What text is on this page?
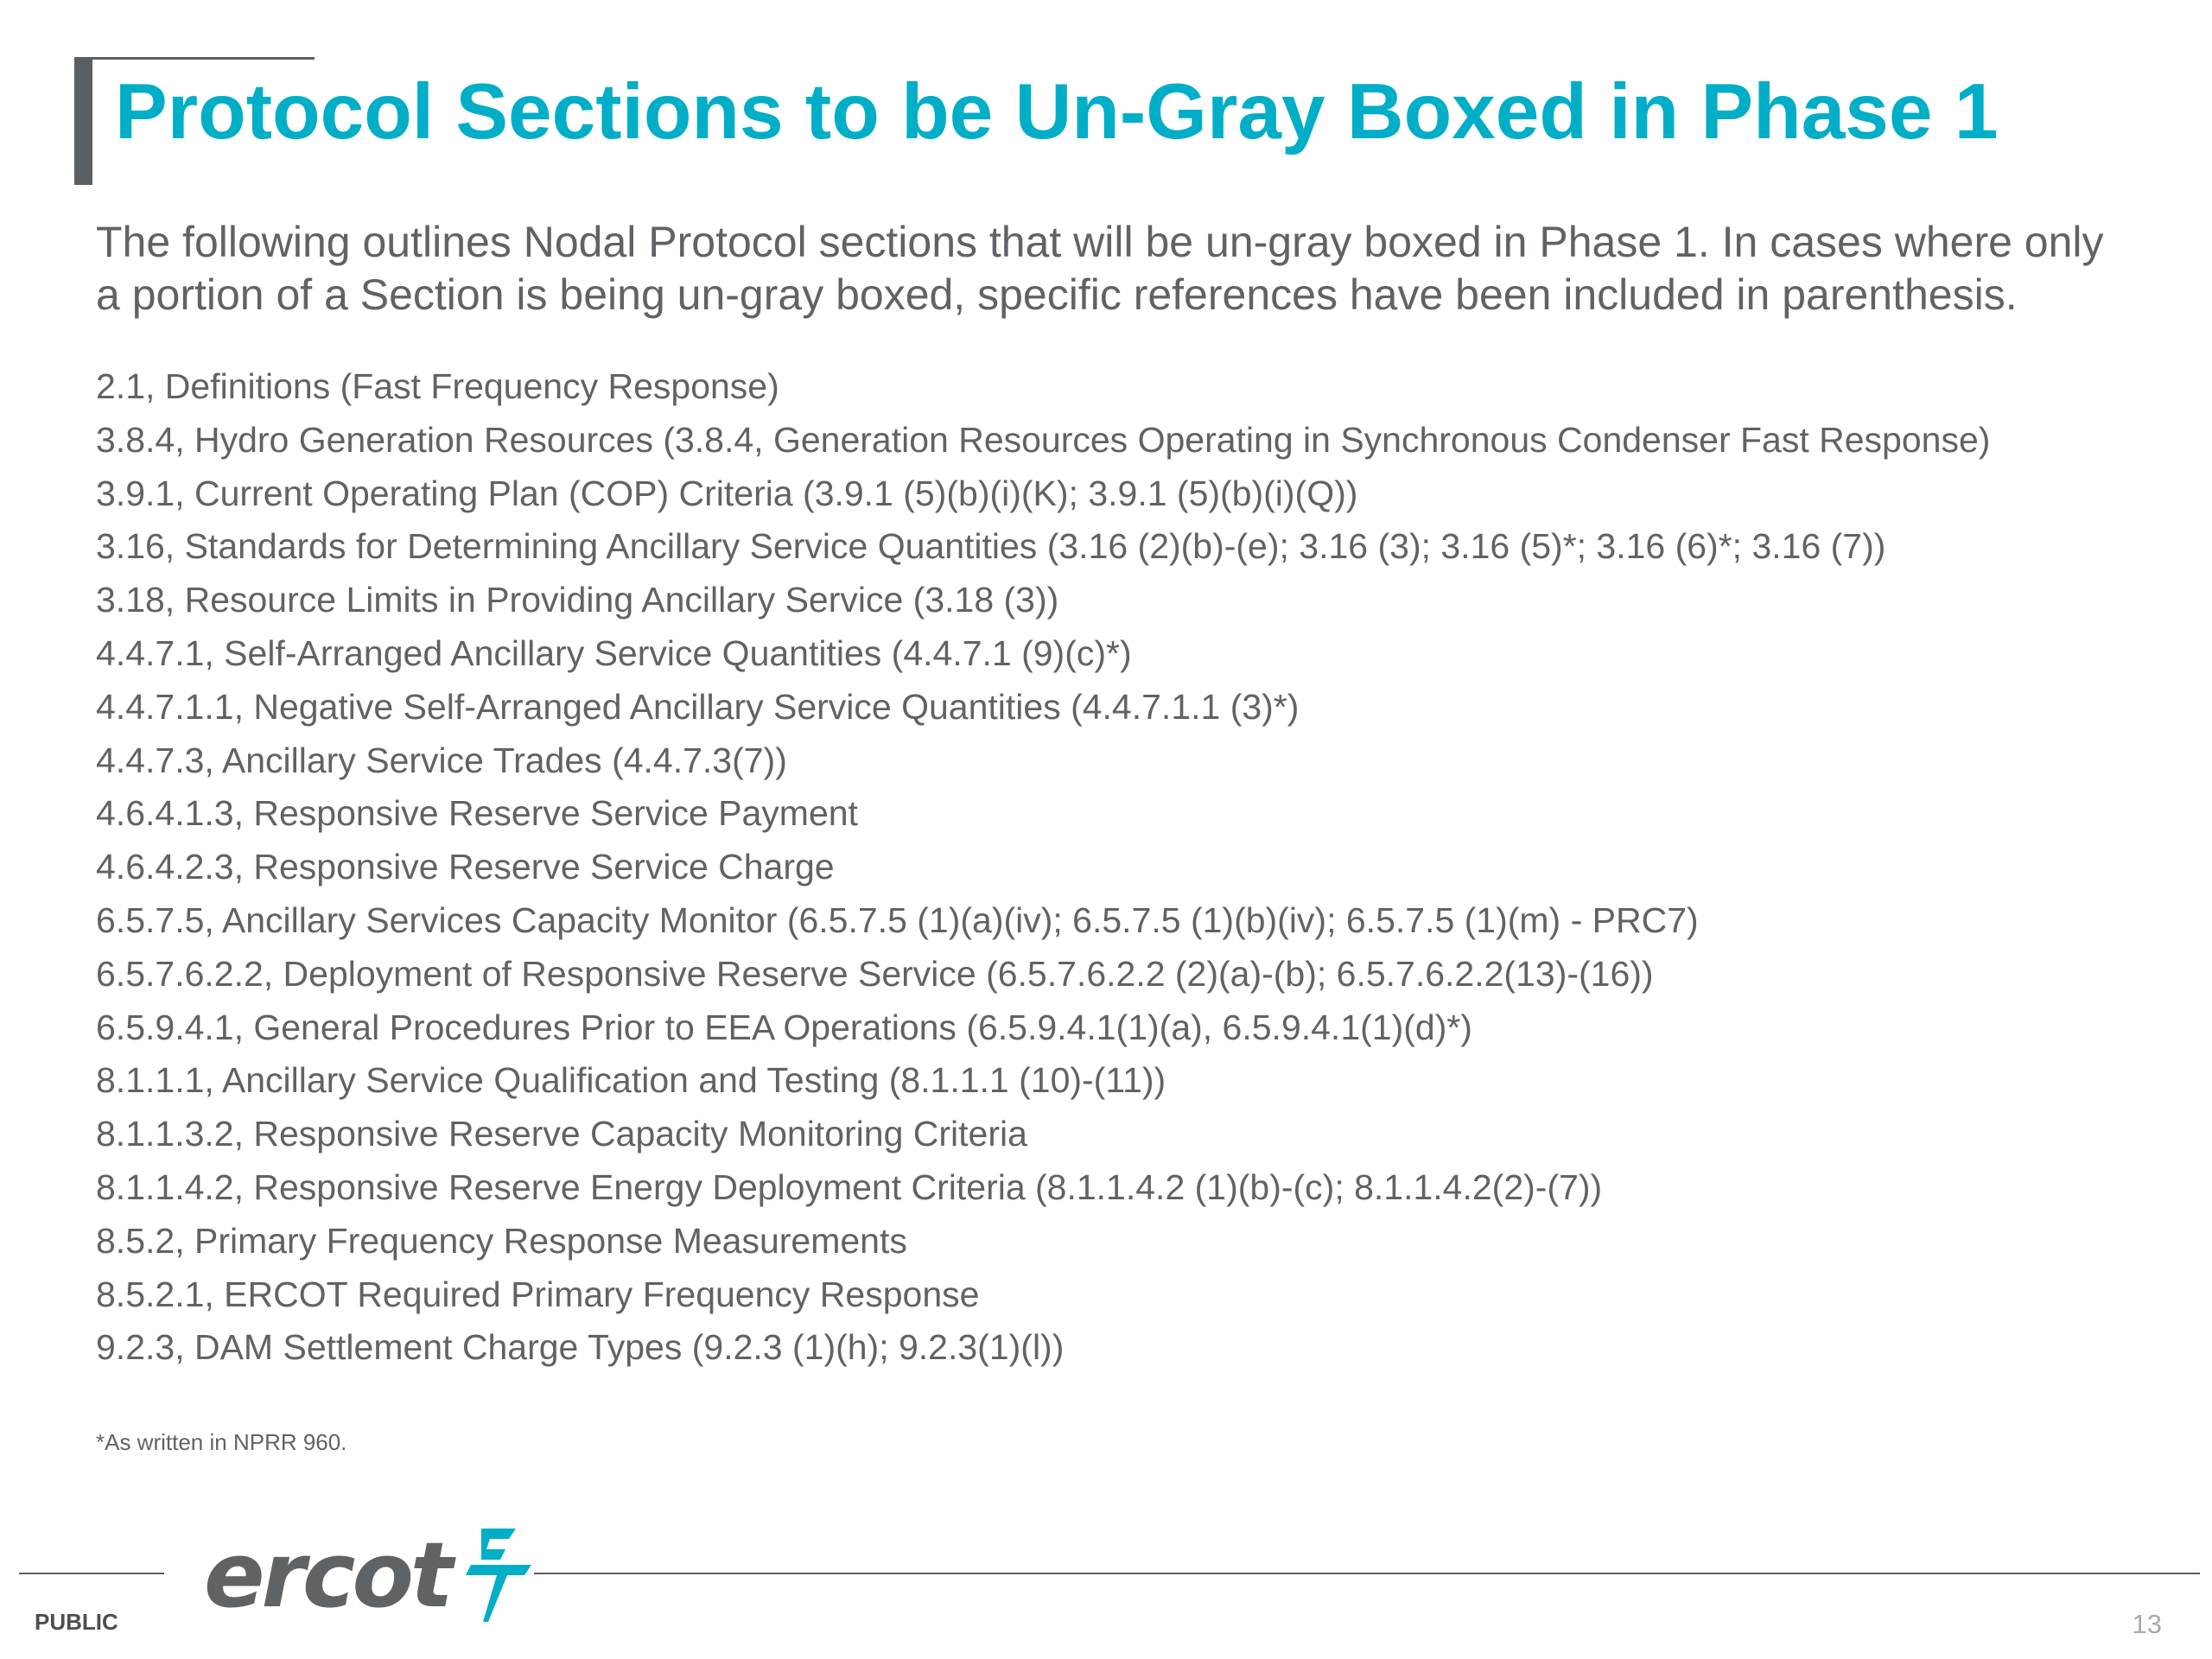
Protocol Sections to be Un-Gray Boxed in Phase 1

The following outlines Nodal Protocol sections that will be un-gray boxed in Phase 1. In cases where only a portion of a Section is being un-gray boxed, specific references have been included in parenthesis.

2.1, Definitions (Fast Frequency Response)
3.8.4, Hydro Generation Resources (3.8.4, Generation Resources Operating in Synchronous Condenser Fast Response)
3.9.1, Current Operating Plan (COP) Criteria (3.9.1 (5)(b)(i)(K); 3.9.1 (5)(b)(i)(Q))
3.16, Standards for Determining Ancillary Service Quantities (3.16 (2)(b)-(e); 3.16 (3); 3.16 (5)*; 3.16 (6)*; 3.16 (7))
3.18, Resource Limits in Providing Ancillary Service (3.18 (3))
4.4.7.1, Self-Arranged Ancillary Service Quantities (4.4.7.1 (9)(c)*)
4.4.7.1.1, Negative Self-Arranged Ancillary Service Quantities (4.4.7.1.1 (3)*)
4.4.7.3, Ancillary Service Trades (4.4.7.3(7))
4.6.4.1.3, Responsive Reserve Service Payment
4.6.4.2.3, Responsive Reserve Service Charge
6.5.7.5, Ancillary Services Capacity Monitor (6.5.7.5 (1)(a)(iv); 6.5.7.5 (1)(b)(iv); 6.5.7.5 (1)(m) - PRC7)
6.5.7.6.2.2, Deployment of Responsive Reserve Service (6.5.7.6.2.2 (2)(a)-(b); 6.5.7.6.2.2(13)-(16))
6.5.9.4.1, General Procedures Prior to EEA Operations (6.5.9.4.1(1)(a), 6.5.9.4.1(1)(d)*)
8.1.1.1, Ancillary Service Qualification and Testing (8.1.1.1 (10)-(11))
8.1.1.3.2, Responsive Reserve Capacity Monitoring Criteria
8.1.1.4.2, Responsive Reserve Energy Deployment Criteria (8.1.1.4.2 (1)(b)-(c); 8.1.1.4.2(2)-(7))
8.5.2, Primary Frequency Response Measurements
8.5.2.1, ERCOT Required Primary Frequency Response
9.2.3, DAM Settlement Charge Types (9.2.3 (1)(h); 9.2.3(1)(l))

*As written in NPRR 960.

ercot
PUBLIC	13
